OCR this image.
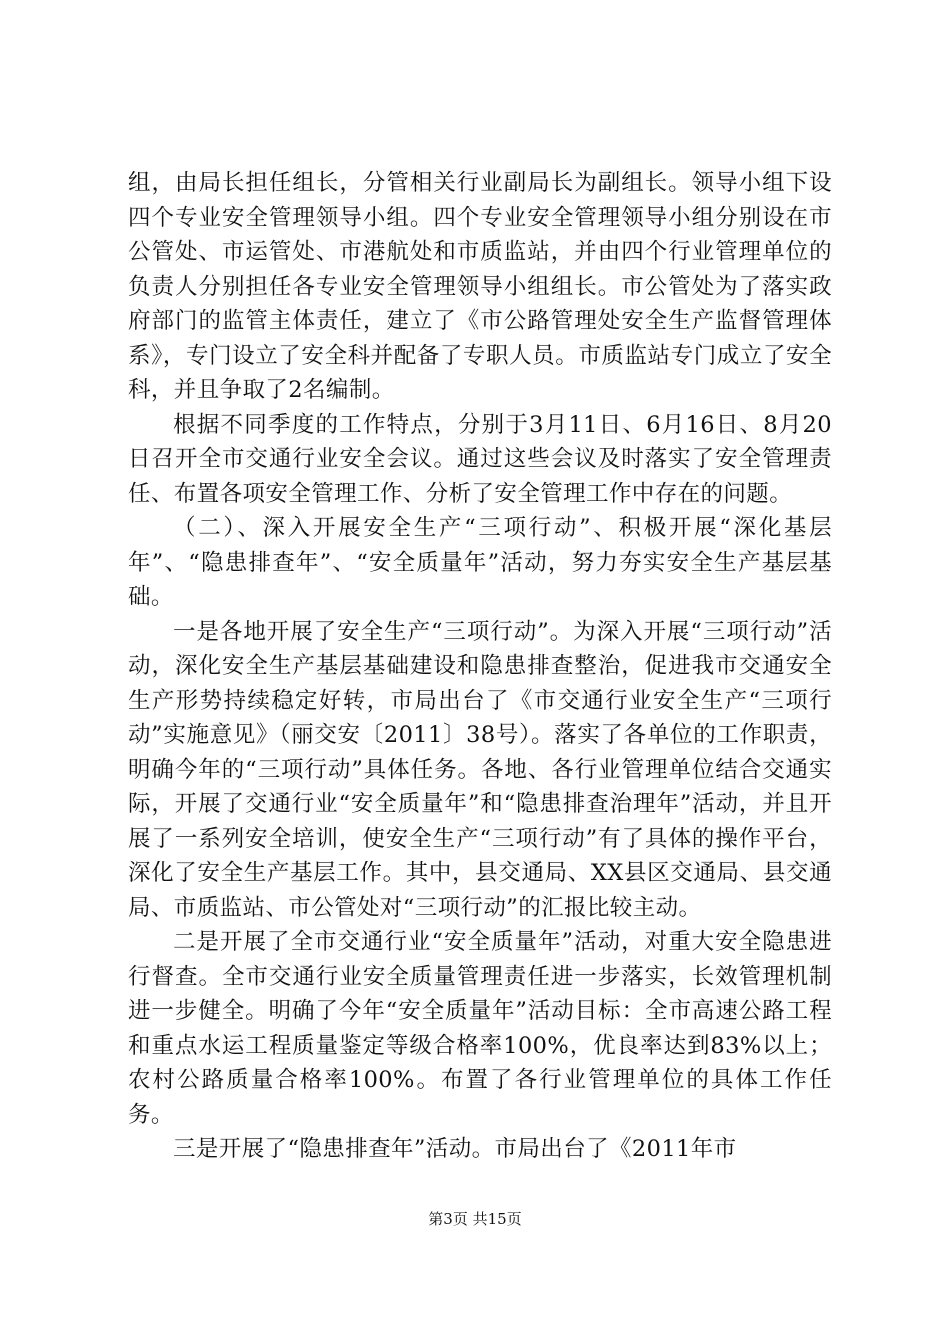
组，由局长担任组长，分管相关行业副局长为副组长。领导小组下设四个专业安全管理领导小组。四个专业安全管理领导小组分别设在市公管处、市运管处、市港航处和市质监站，并由四个行业管理单位的负责人分别担任各专业安全管理领导小组组长。市公管处为了落实政府部门的监管主体责任，建立了《市公路管理处安全生产监督管理体系》，专门设立了安全科并配备了专职人员。市质监站专门成立了安全科，并且争取了2名编制。

根据不同季度的工作特点，分别于3月11日、6月16日、8月20日召开全市交通行业安全会议。通过这些会议及时落实了安全管理责任、布置各项安全管理工作、分析了安全管理工作中存在的问题。

（二）、深入开展安全生产“三项行动”、积极开展“深化基层年”、“隐患排查年”、“安全质量年”活动，努力夯实安全生产基层基础。

一是各地开展了安全生产“三项行动”。为深入开展“三项行动”活动，深化安全生产基层基础建设和隐患排查整治，促进我市交通安全生产形势持续稳定好转，市局出台了《市交通行业安全生产“三项行动”实施意见》（丽交安〔2011〕38号）。落实了各单位的工作职责，明确今年的“三项行动”具体任务。各地、各行业管理单位结合交通实际，开展了交通行业“安全质量年”和“隐患排查治理年”活动，并且开展了一系列安全培训，使安全生产“三项行动”有了具体的操作平台，深化了安全生产基层工作。其中，县交通局、XX县区交通局、县交通局、市质监站、市公管处对“三项行动”的汇报比较主动。

二是开展了全市交通行业“安全质量年”活动，对重大安全隐患进行督查。全市交通行业安全质量管理责任进一步落实，长效管理机制进一步健全。明确了今年“安全质量年”活动目标：全市高速公路工程和重点水运工程质量鉴定等级合格率100%，优良率达到83%以上；农村公路质量合格率100%。布置了各行业管理单位的具体工作任务。

三是开展了“隐患排查年”活动。市局出台了《2011年市

第3页 共15页
